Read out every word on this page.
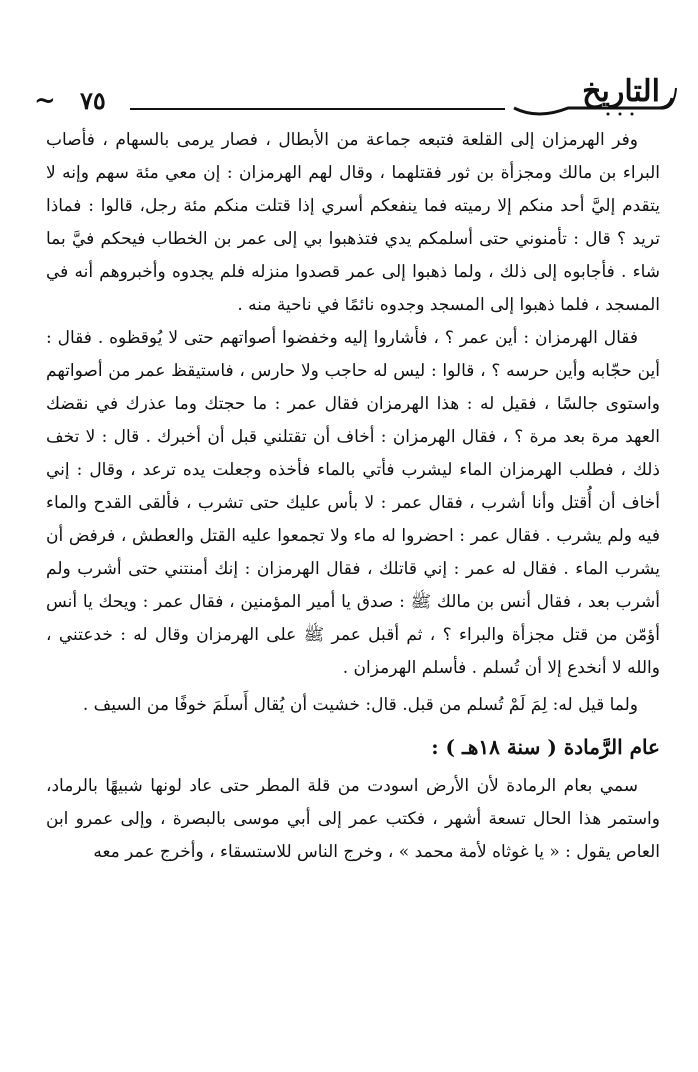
~ ٧٥	التاريخ

وفر الهرمزان إلى القلعة فتبعه جماعة من الأبطال ، فصار يرمى بالسهام ، فأصاب البراء بن مالك ومجزأة بن ثور فقتلهما ، وقال لهم الهرمزان : إن معي مئة سهم وإنه لا يتقدم إليَّ أحد منكم إلا رميته فما ينفعكم أسري إذا قتلت منكم مئة رجل، قالوا : فماذا تريد ؟ قال : تأمنوني حتى أسلمكم يدي فتذهبوا بي إلى عمر بن الخطاب فيحكم فيَّ بما شاء . فأجابوه إلى ذلك ، ولما ذهبوا إلى عمر قصدوا منزله فلم يجدوه وأخبروهم أنه في المسجد ، فلما ذهبوا إلى المسجد وجدوه نائمًا في ناحية منه .

فقال الهرمزان : أين عمر ؟ ، فأشاروا إليه وخفضوا أصواتهم حتى لا يُوقظوه . فقال : أين حجّابه وأين حرسه ؟ ، قالوا : ليس له حاجب ولا حارس ، فاستيقظ عمر من أصواتهم واستوى جالسًا ، فقيل له : هذا الهرمزان فقال عمر : ما حجتك وما عذرك في نقضك العهد مرة بعد مرة ؟ ، فقال الهرمزان : أخاف أن تقتلني قبل أن أخبرك . قال : لا تخف ذلك ، فطلب الهرمزان الماء ليشرب فأتي بالماء فأخذه وجعلت يده ترعد ، وقال : إني أخاف أن أُقتل وأنا أشرب ، فقال عمر : لا بأس عليك حتى تشرب ، فألقى القدح والماء فيه ولم يشرب . فقال عمر : احضروا له ماء ولا تجمعوا عليه القتل والعطش ، فرفض أن يشرب الماء . فقال له عمر : إني قاتلك ، فقال الهرمزان : إنك أمنتني حتى أشرب ولم أشرب بعد ، فقال أنس بن مالك ﷺ : صدق يا أمير المؤمنين ، فقال عمر : ويحك يا أنس أؤمّن من قتل مجزأة والبراء ؟ ، ثم أقبل عمر ﷺ على الهرمزان وقال له : خدعتني ، والله لا أنخدع إلا أن تُسلم . فأسلم الهرمزان .

ولما قيل له: لِمَ لَمْ تُسلم من قبل. قال: خشيت أن يُقال أَسلَمَ خوفًا من السيف .

عام الرَّمادة ( سنة ١٨هـ ) :

سمي بعام الرمادة لأن الأرض اسودت من قلة المطر حتى عاد لونها شبيهًا بالرماد، واستمر هذا الحال تسعة أشهر ، فكتب عمر إلى أبي موسى بالبصرة ، وإلى عمرو ابن العاص يقول : « يا غوثاه لأمة محمد » ، وخرج الناس للاستسقاء ، وأخرج عمر معه
